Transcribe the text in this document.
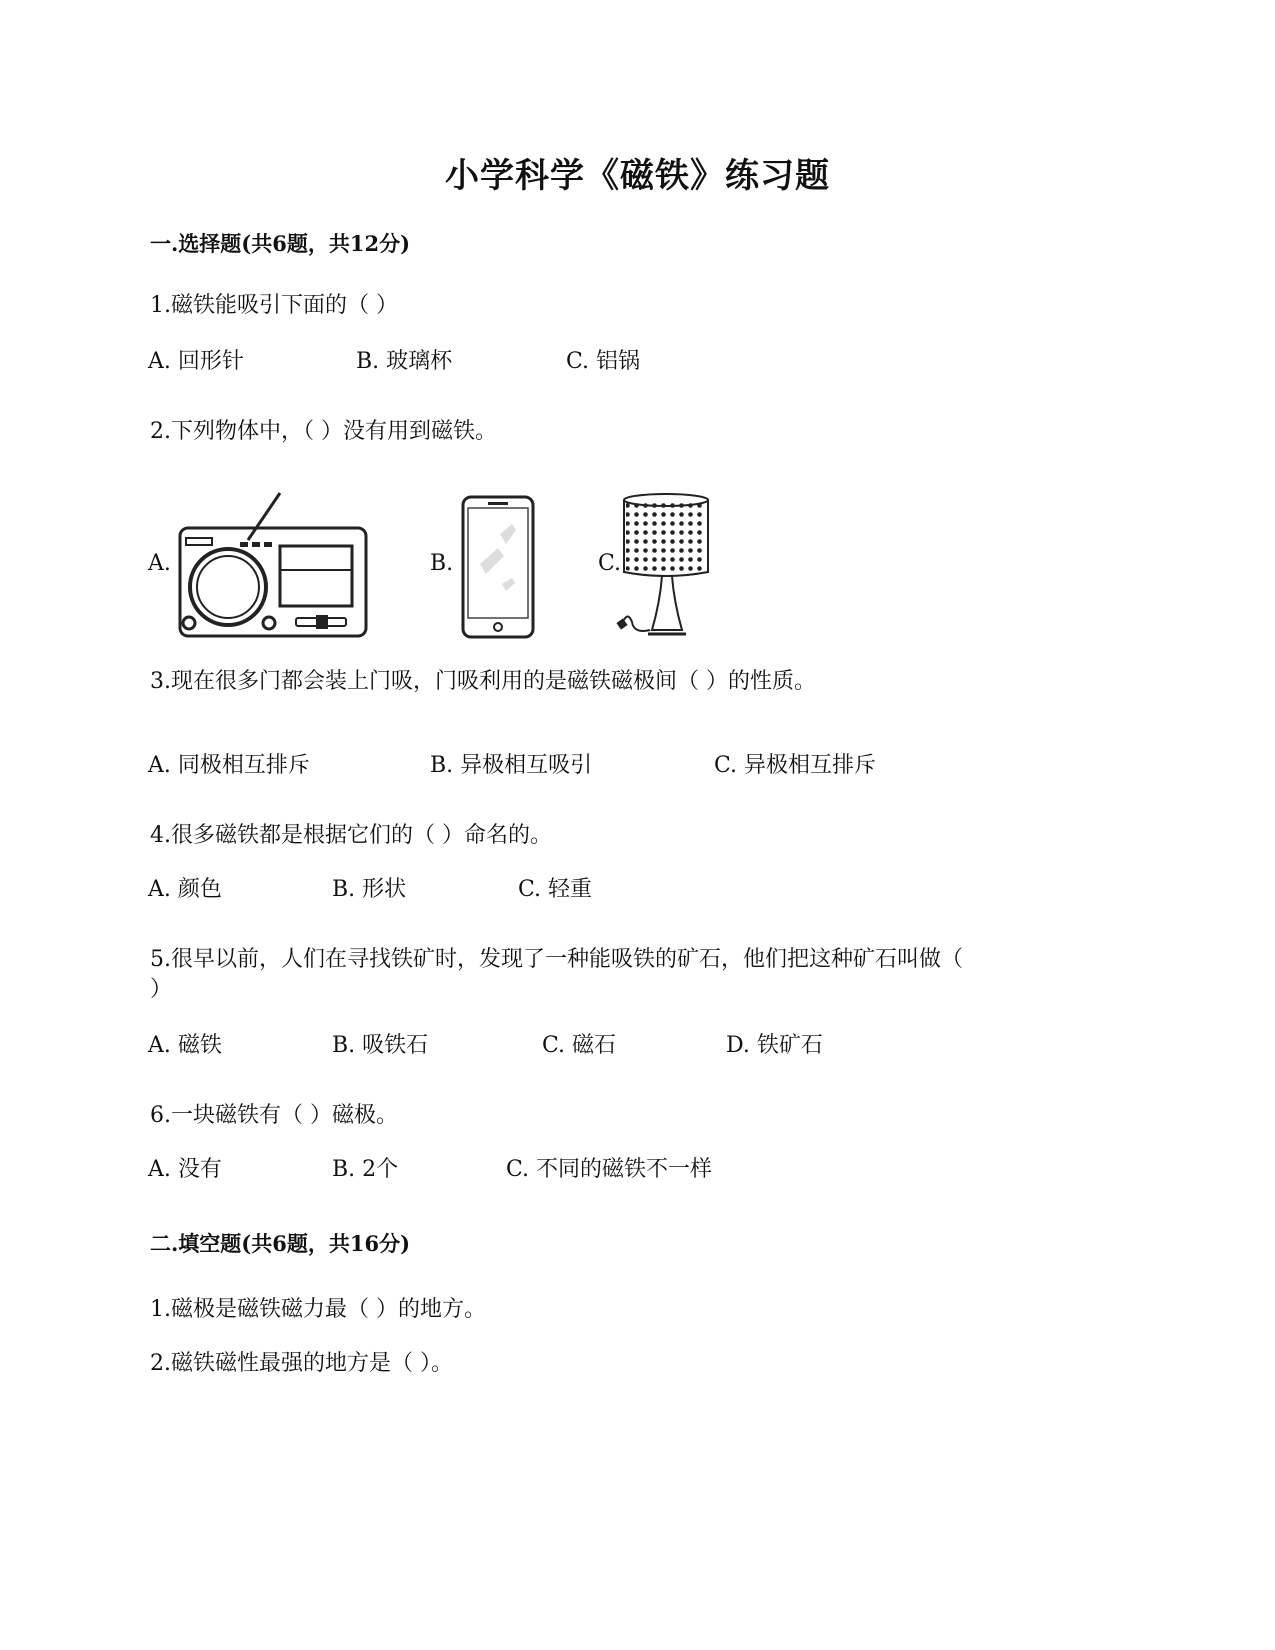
小学科学《磁铁》练习题
一.选择题(共6题，共12分)
1.磁铁能吸引下面的（ ）
A. 回形针	B. 玻璃杯	C. 铝锅
2.下列物体中，（ ）没有用到磁铁。
A.	B.	C.
3.现在很多门都会装上门吸，门吸利用的是磁铁磁极间（ ）的性质。
A. 同极相互排斥	B. 异极相互吸引	C. 异极相互排斥
4.很多磁铁都是根据它们的（ ）命名的。
A. 颜色	B. 形状	C. 轻重
5.很早以前，人们在寻找铁矿时，发现了一种能吸铁的矿石，他们把这种矿石叫做（
）
A. 磁铁	B. 吸铁石	C. 磁石	D. 铁矿石
6.一块磁铁有（ ）磁极。
A. 没有	B. 2个	C. 不同的磁铁不一样
二.填空题(共6题，共16分)
1.磁极是磁铁磁力最（ ）的地方。
2.磁铁磁性最强的地方是（ ）。
